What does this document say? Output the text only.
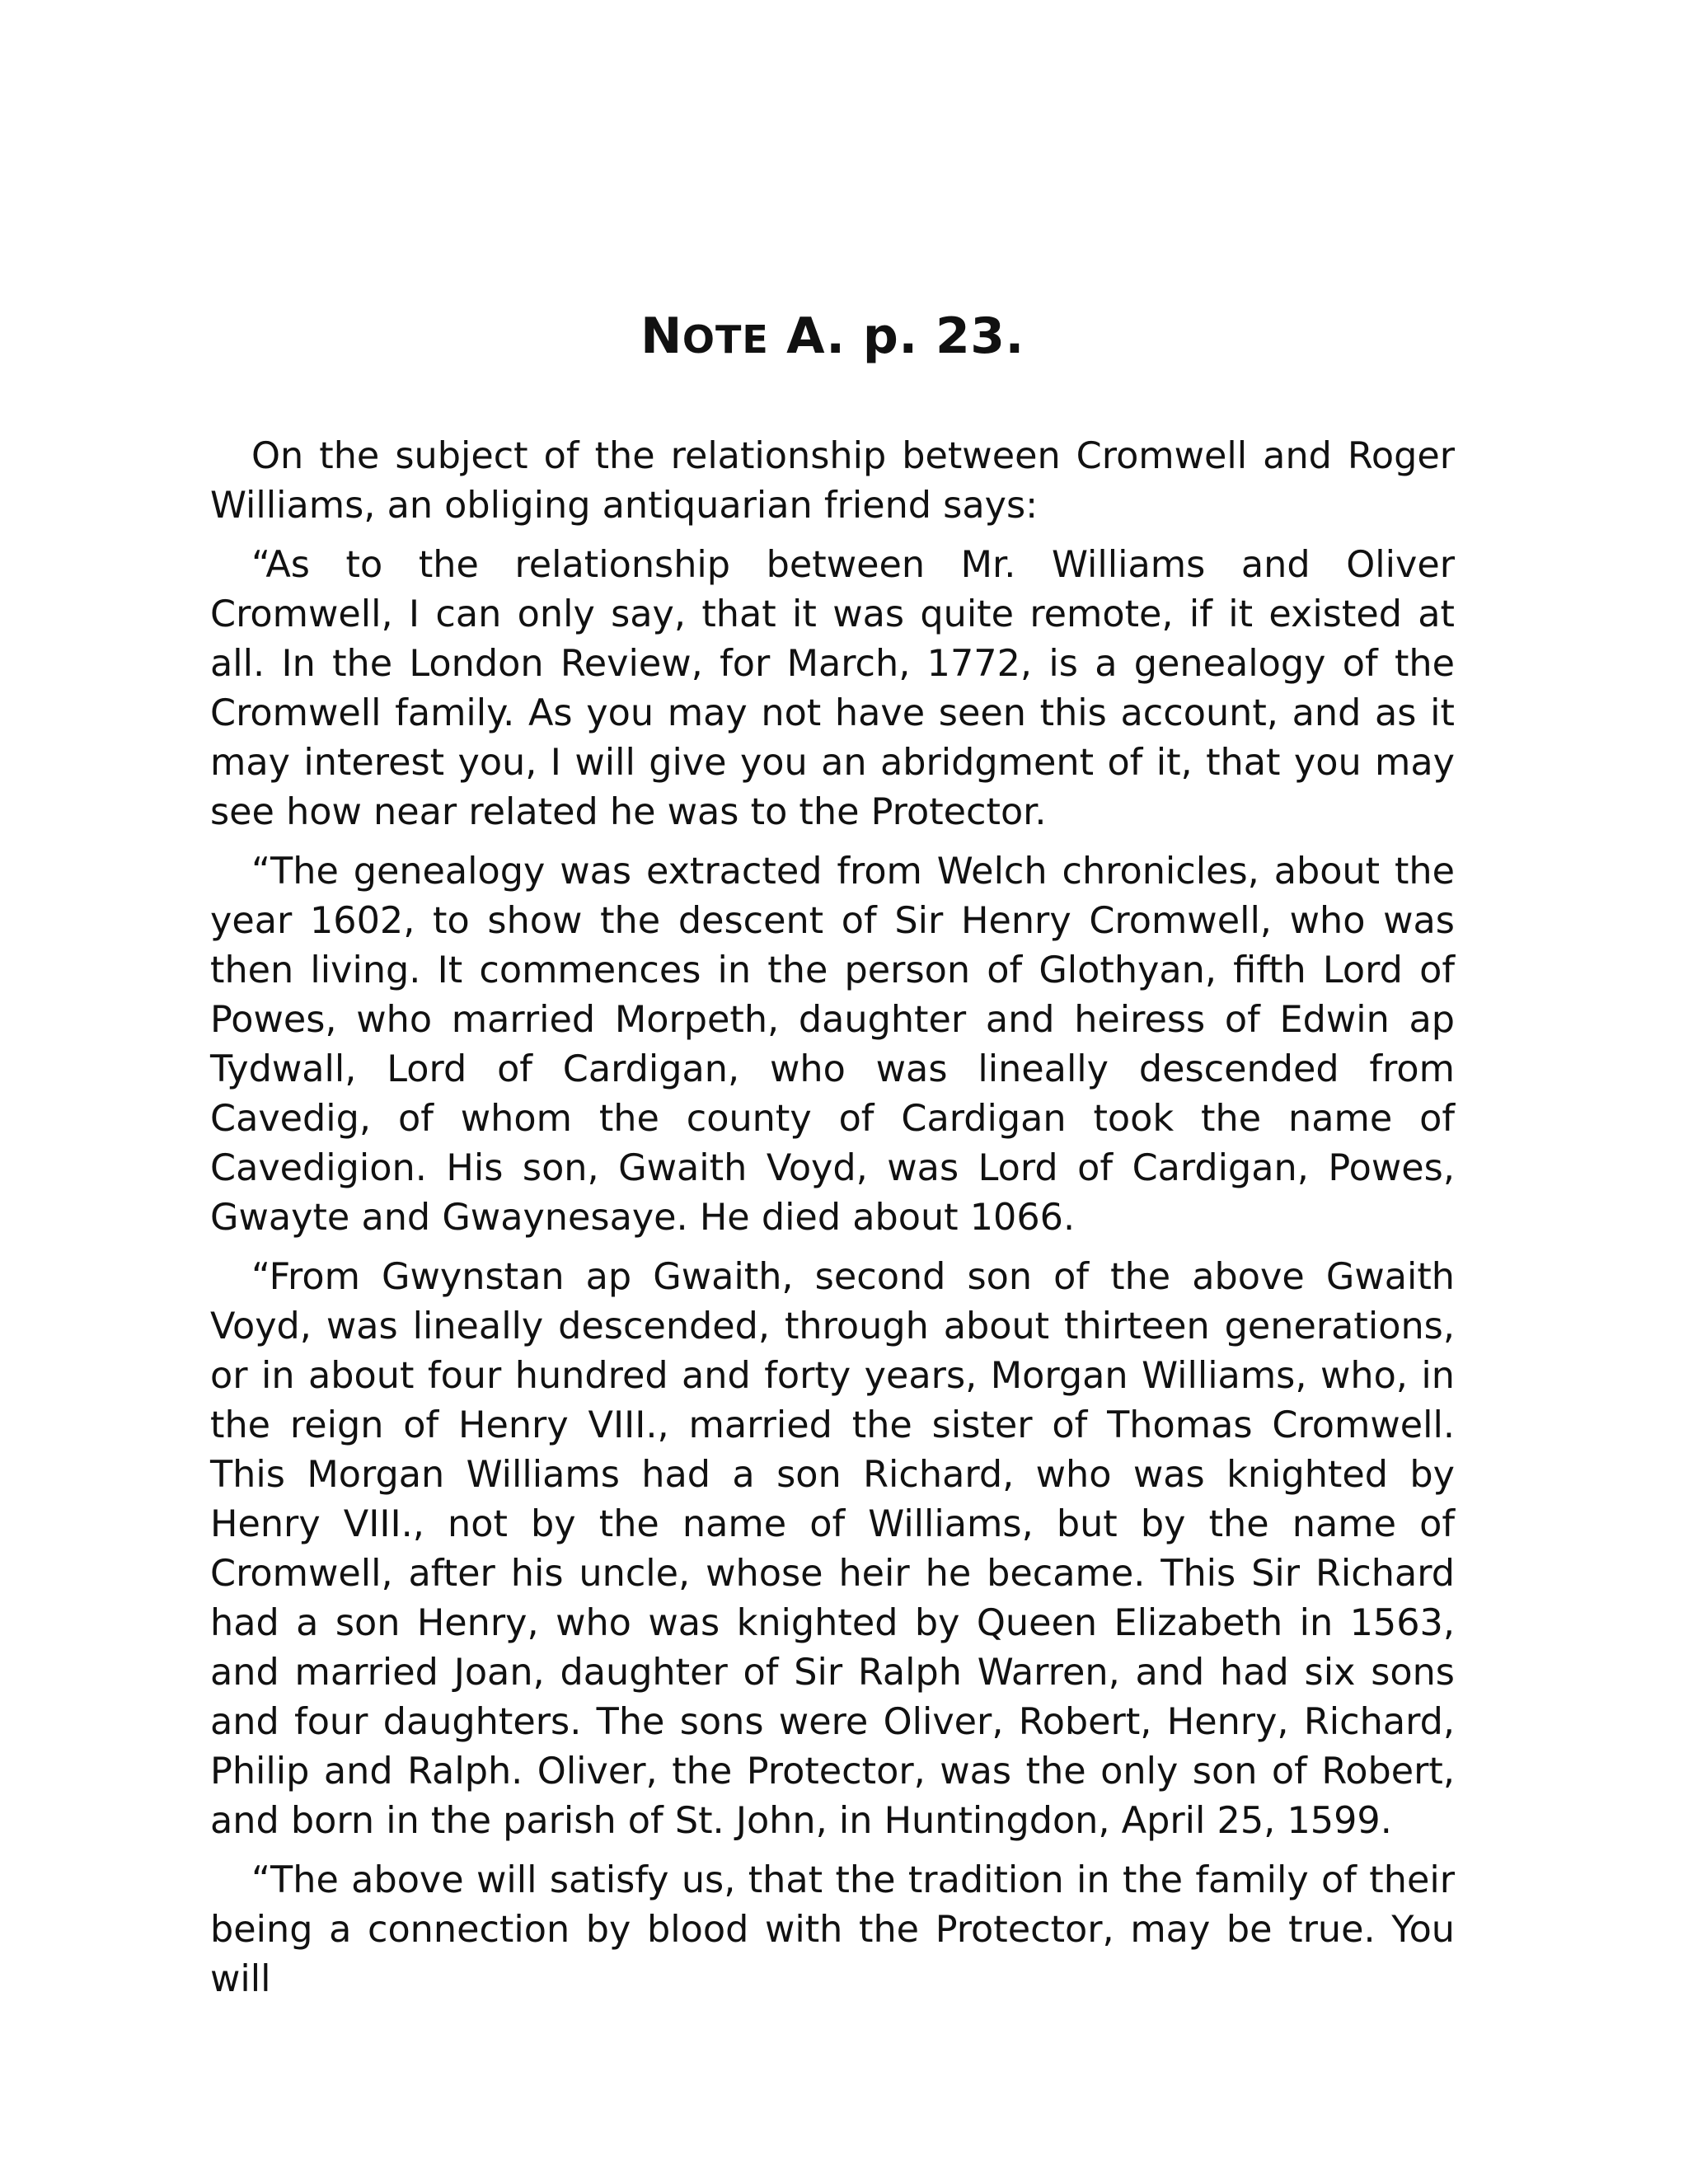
NOTE A. p. 23.

On the subject of the relationship between Cromwell and Roger Williams, an obliging antiquarian friend says:

“As to the relationship between Mr. Williams and Oliver Cromwell, I can only say, that it was quite remote, if it existed at all. In the London Review, for March, 1772, is a genealogy of the Cromwell family. As you may not have seen this account, and as it may interest you, I will give you an abridgment of it, that you may see how near related he was to the Protector.

“The genealogy was extracted from Welch chronicles, about the year 1602, to show the descent of Sir Henry Cromwell, who was then living. It commences in the person of Glothyan, fifth Lord of Powes, who married Morpeth, daughter and heiress of Edwin ap Tydwall, Lord of Cardigan, who was lineally descended from Cavedig, of whom the county of Cardigan took the name of Cavedigion. His son, Gwaith Voyd, was Lord of Cardigan, Powes, Gwayte and Gwaynesaye. He died about 1066.

“From Gwynstan ap Gwaith, second son of the above Gwaith Voyd, was lineally descended, through about thirteen generations, or in about four hundred and forty years, Morgan Williams, who, in the reign of Henry VIII., married the sister of Thomas Cromwell. This Morgan Williams had a son Richard, who was knighted by Henry VIII., not by the name of Williams, but by the name of Cromwell, after his uncle, whose heir he became. This Sir Richard had a son Henry, who was knighted by Queen Elizabeth in 1563, and married Joan, daughter of Sir Ralph Warren, and had six sons and four daughters. The sons were Oliver, Robert, Henry, Richard, Philip and Ralph. Oliver, the Protector, was the only son of Robert, and born in the parish of St. John, in Huntingdon, April 25, 1599.

“The above will satisfy us, that the tradition in the family of their being a connection by blood with the Protector, may be true. You will
